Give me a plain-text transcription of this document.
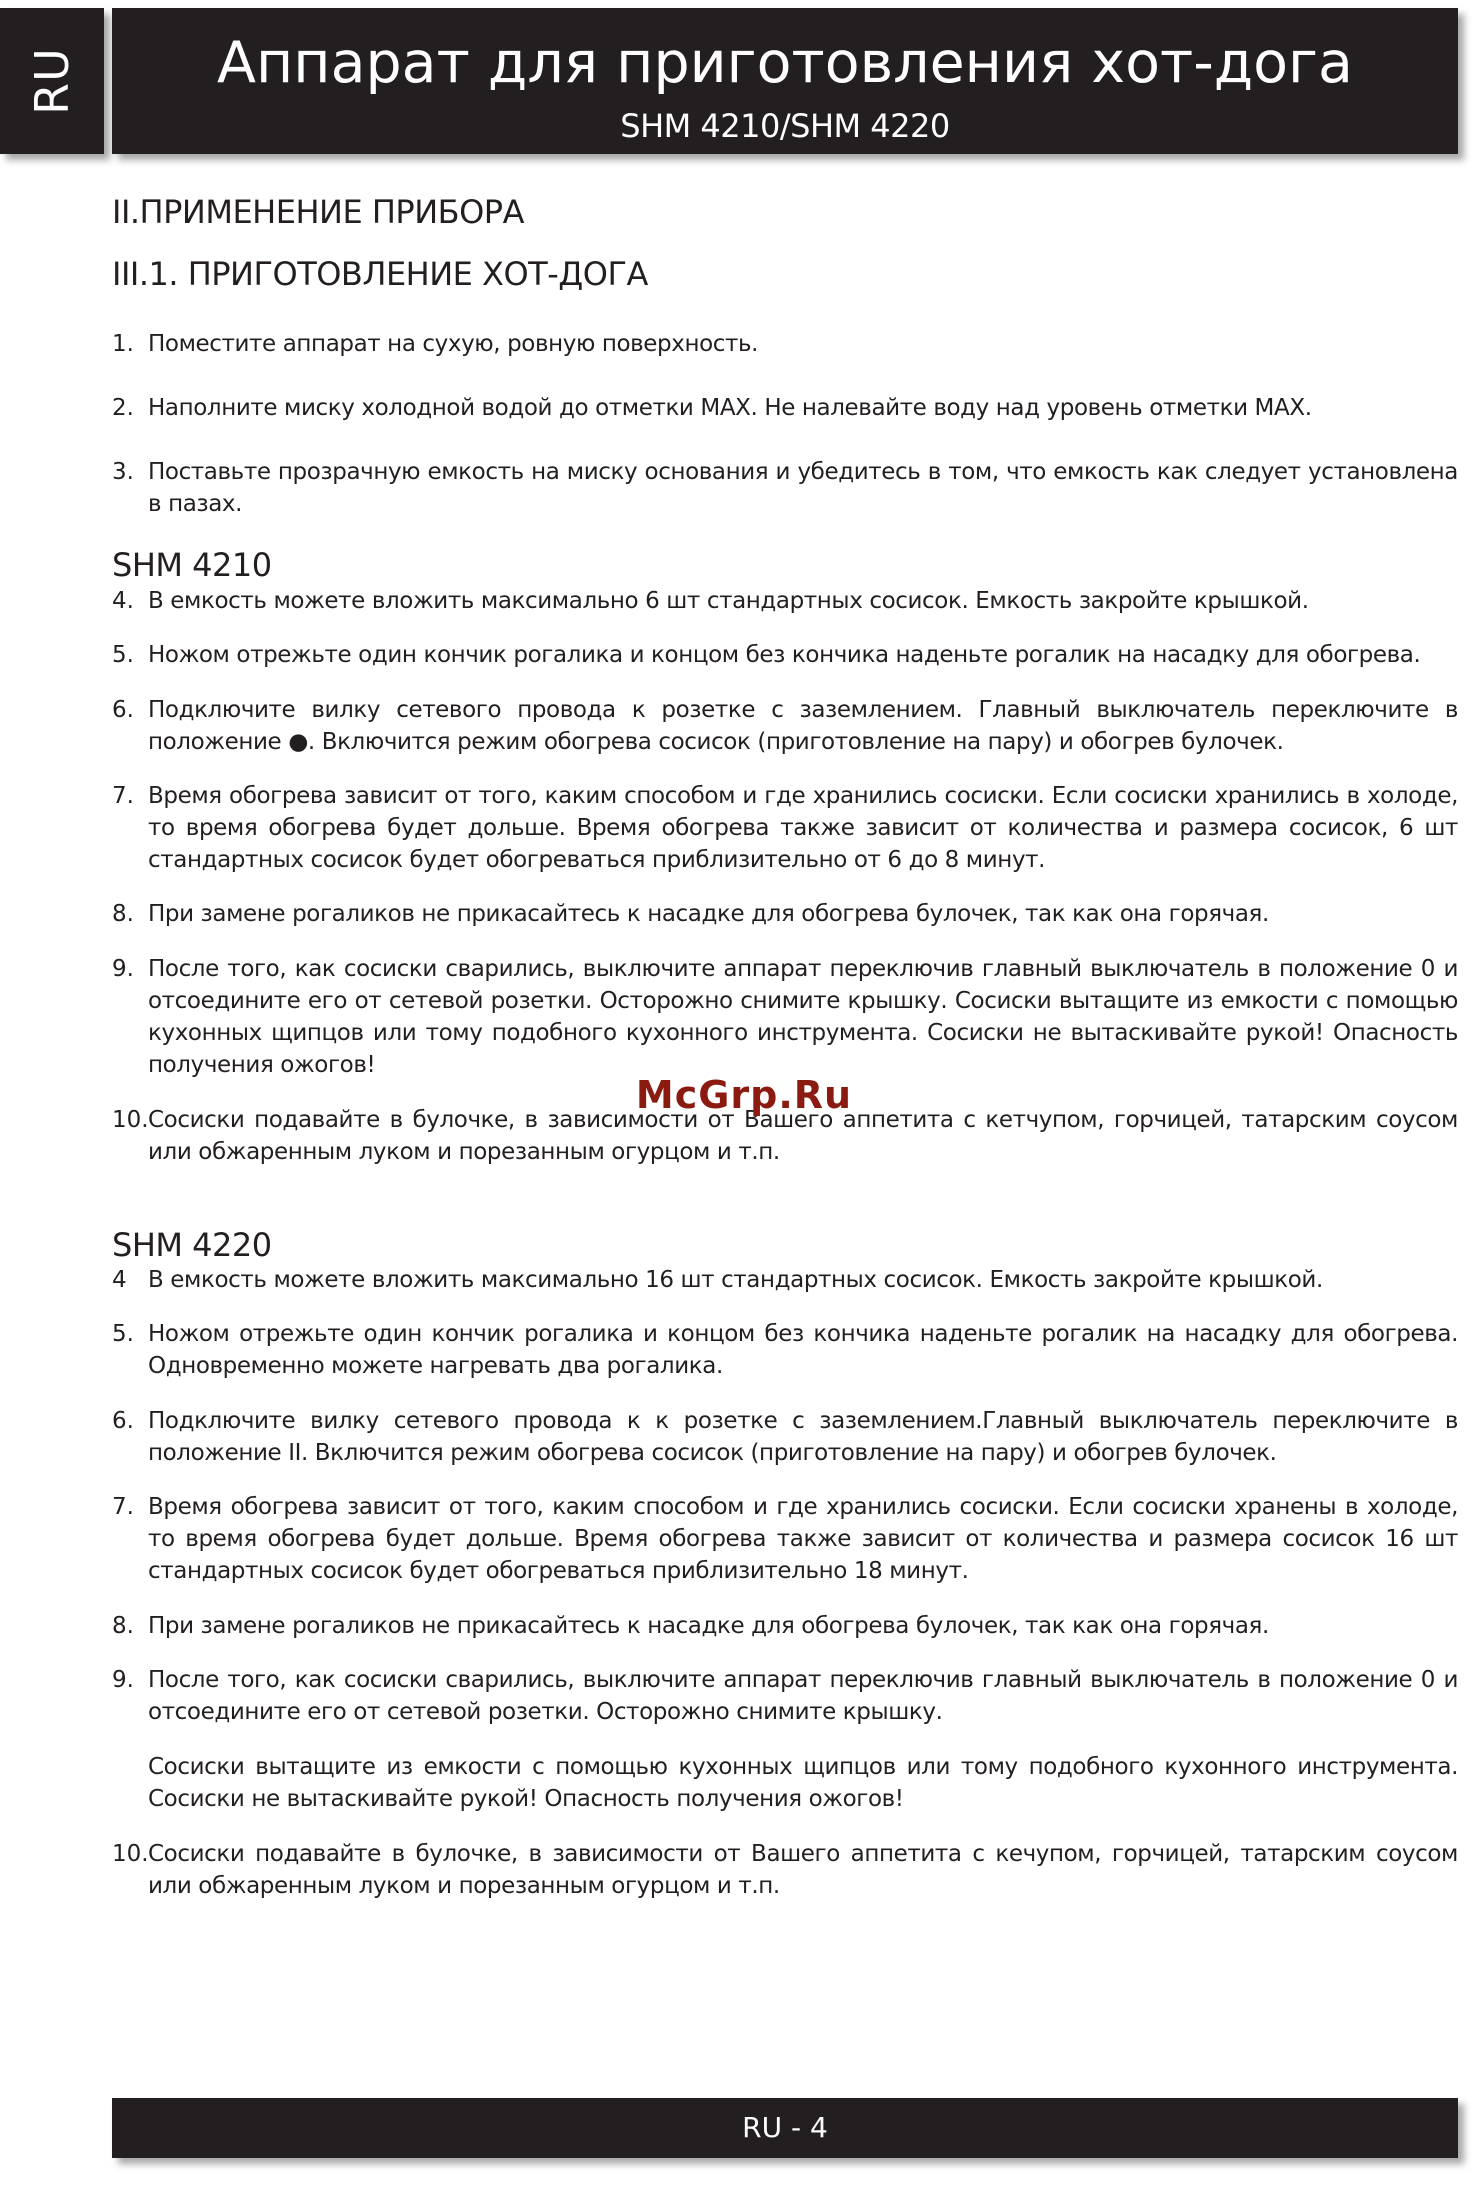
RU	Аппарат для приготовления хот-дога
SHM 4210/SHM 4220
II.ПРИМЕНЕНИЕ ПРИБОРА
III.1. ПРИГОТОВЛЕНИЕ ХОТ-ДОГА
1. Поместите аппарат на сухую, ровную поверхность.
2. Наполните миску холодной водой до отметки MAX. Не налевайте воду над уровень отметки MAX.
3. Поставьте прозрачную емкость на миску основания и убедитесь в том, что емкость как следует установлена в пазах.
SHM 4210
4. В емкость можете вложить максимально 6 шт стандартных сосисок. Емкость закройте крышкой.
5. Ножом отрежьте один кончик рогалика и концом без кончика наденьте рогалик на насадку для обогрева.
6. Подключите вилку сетевого провода к розетке с заземлением. Главный выключатель переключите в положение ●. Включится режим обогрева сосисок (приготовление на пару) и обогрев булочек.
7. Время обогрева зависит от того, каким способом и где хранились сосиски. Если сосиски хранились в холоде, то время обогрева будет дольше. Время обогрева также зависит от количества и размера сосисок, 6 шт стандартных сосисок будет обогреваться приблизительно от 6 до 8 минут.
8. При замене рогаликов не прикасайтесь к насадке для обогрева булочек, так как она горячая.
9. После того, как сосиски сварились, выключите аппарат переключив главный выключатель в положение 0 и отсоедините его от сетевой розетки. Осторожно снимите крышку. Сосиски вытащите из емкости с помощью кухонных щипцов или тому подобного кухонного инструмента. Сосиски не вытаскивайте рукой! Опасность получения ожогов!
10. Сосиски подавайте в булочке, в зависимости от Вашего аппетита с кетчупом, горчицей, татарским соусом или обжаренным луком и порезанным огурцом и т.п.
SHM 4220
4 В емкость можете вложить максимально 16 шт стандартных сосисок. Емкость закройте крышкой.
5. Ножом отрежьте один кончик рогалика и концом без кончика наденьте рогалик на насадку для обогрева. Одновременно можете нагревать два рогалика.
6. Подключите вилку сетевого провода к к розетке с заземлением.Главный выключатель переключите в положение II. Включится режим обогрева сосисок (приготовление на пару) и обогрев булочек.
7. Время обогрева зависит от того, каким способом и где хранились сосиски. Если сосиски хранены в холоде, то время обогрева будет дольше. Время обогрева также зависит от количества и размера сосисок 16 шт стандартных сосисок будет обогреваться приблизительно 18 минут.
8. При замене рогаликов не прикасайтесь к насадке для обогрева булочек, так как она горячая.
9. После того, как сосиски сварились, выключите аппарат переключив главный выключатель в положение 0 и отсоедините его от сетевой розетки. Осторожно снимите крышку.
Сосиски вытащите из емкости с помощью кухонных щипцов или тому подобного кухонного инструмента. Сосиски не вытаскивайте рукой! Опасность получения ожогов!
10. Сосиски подавайте в булочке, в зависимости от Вашего аппетита с кечупом, горчицей, татарским соусом или обжаренным луком и порезанным огурцом и т.п.
McGrp.Ru
RU - 4
